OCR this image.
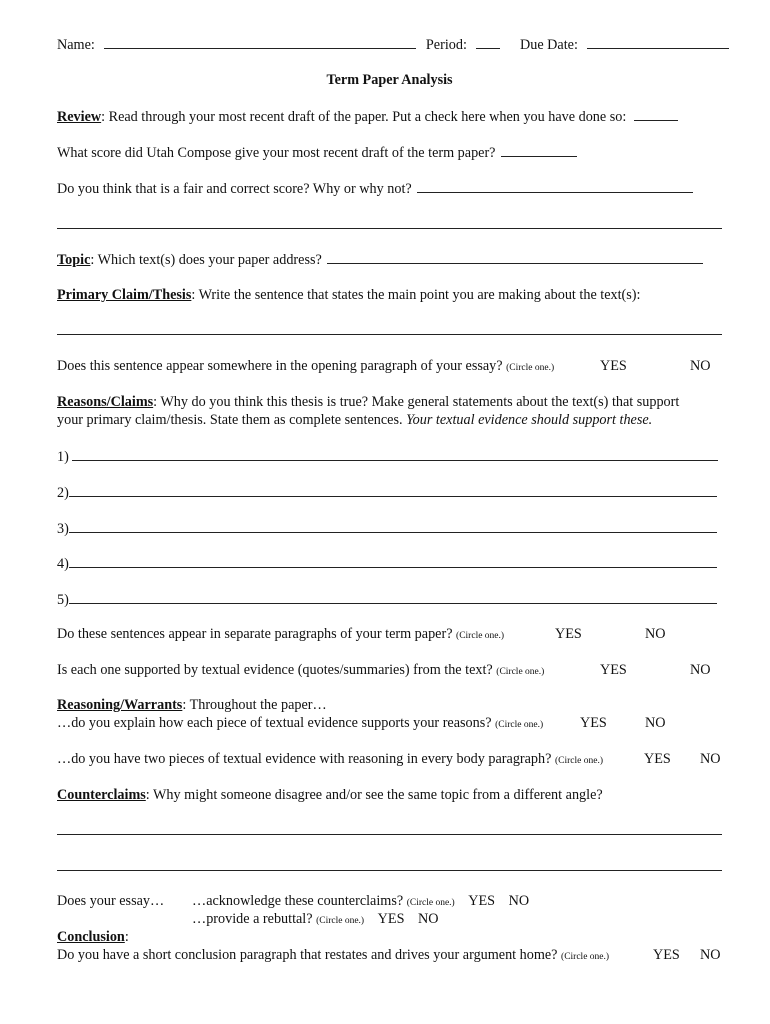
Name:	Period:	Due Date:
Term Paper Analysis
Review: Read through your most recent draft of the paper. Put a check here when you have done so:
What score did Utah Compose give your most recent draft of the term paper?
Do you think that is a fair and correct score? Why or why not?
Topic: Which text(s) does your paper address?
Primary Claim/Thesis: Write the sentence that states the main point you are making about the text(s):
Does this sentence appear somewhere in the opening paragraph of your essay? (Circle one.)	YES	NO
Reasons/Claims: Why do you think this thesis is true? Make general statements about the text(s) that support
your primary claim/thesis. State them as complete sentences. Your textual evidence should support these.
1)
2)
3)
4)
5)
Do these sentences appear in separate paragraphs of your term paper? (Circle one.)	YES	NO
Is each one supported by textual evidence (quotes/summaries) from the text? (Circle one.)	YES	NO
Reasoning/Warrants: Throughout the paper…
…do you explain how each piece of textual evidence supports your reasons? (Circle one.)	YES	NO
…do you have two pieces of textual evidence with reasoning in every body paragraph? (Circle one.)	YES NO
Counterclaims: Why might someone disagree and/or see the same topic from a different angle?
Does your essay…	…acknowledge these counterclaims? (Circle one.) YES NO
…provide a rebuttal? (Circle one.) YES NO
Conclusion:
Do you have a short conclusion paragraph that restates and drives your argument home? (Circle one.)	YES NO
